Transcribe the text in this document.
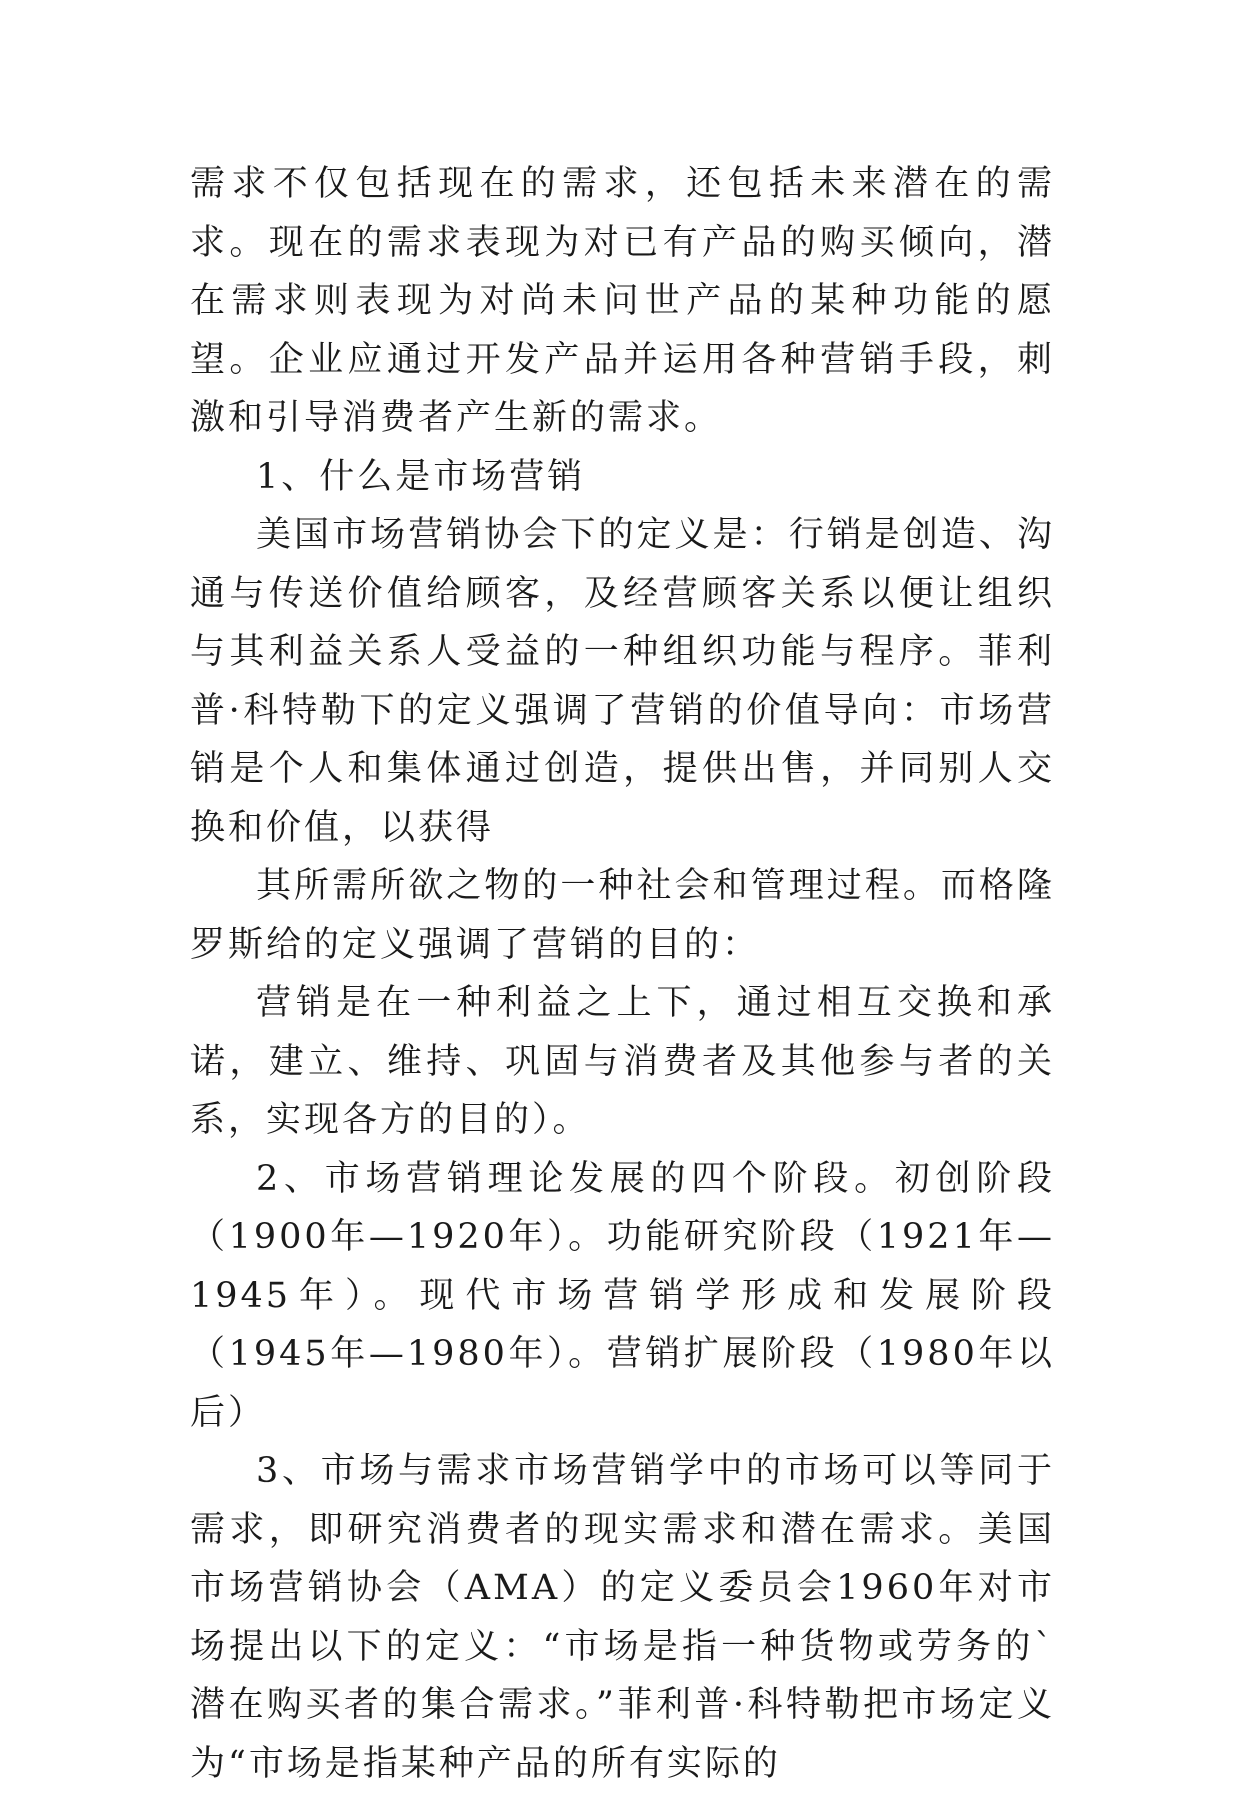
需求不仅包括现在的需求，还包括未来潜在的需求。现在的需求表现为对已有产品的购买倾向，潜在需求则表现为对尚未问世产品的某种功能的愿望。企业应通过开发产品并运用各种营销手段，刺激和引导消费者产生新的需求。

1、什么是市场营销

美国市场营销协会下的定义是：行销是创造、沟通与传送价值给顾客，及经营顾客关系以便让组织与其利益关系人受益的一种组织功能与程序。菲利普·科特勒下的定义强调了营销的价值导向：市场营销是个人和集体通过创造，提供出售，并同别人交换和价值，以获得

其所需所欲之物的一种社会和管理过程。而格隆罗斯给的定义强调了营销的目的：

营销是在一种利益之上下，通过相互交换和承诺，建立、维持、巩固与消费者及其他参与者的关系，实现各方的目的）。

2、市场营销理论发展的四个阶段。初创阶段（1900年—1920年）。功能研究阶段（1921年—1945年）。现代市场营销学形成和发展阶段（1945年—1980年）。营销扩展阶段（1980年以后）

3、市场与需求市场营销学中的市场可以等同于需求，即研究消费者的现实需求和潜在需求。美国市场营销协会（AMA）的定义委员会1960年对市场提出以下的定义：“市场是指一种货物或劳务的`潜在购买者的集合需求。”菲利普·科特勒把市场定义为“市场是指某种产品的所有实际的
